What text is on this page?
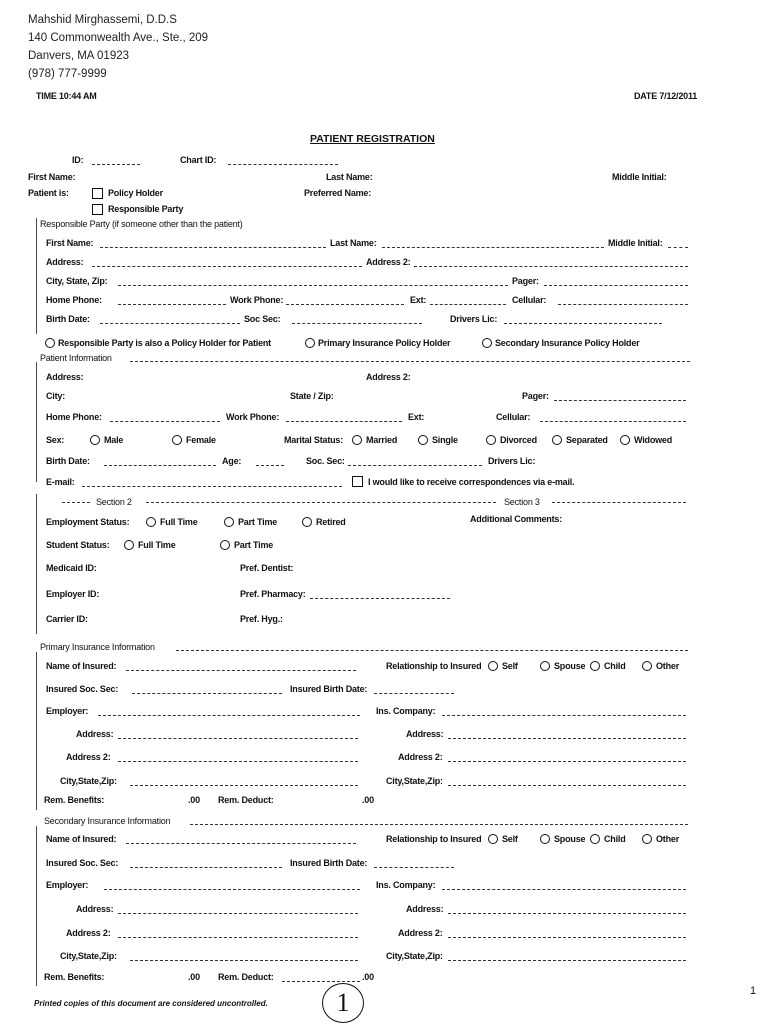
Mahshid Mirghassemi, D.D.S
140 Commonwealth Ave., Ste., 209
Danvers, MA 01923
(978) 777-9999
TIME 10:44 AM	DATE 7/12/2011
PATIENT REGISTRATION
ID:	Chart ID:
First Name:	Last Name:	Middle Initial:
Patient is:	Policy Holder	Preferred Name:
Responsible Party
Responsible Party (if someone other than the patient)
First Name:	Last Name:	Middle Initial:
Address:	Address 2:
City, State, Zip:	Pager:
Home Phone:	Work Phone:	Ext:	Cellular:
Birth Date:	Soc Sec:	Drivers Lic:
Responsible Party is also a Policy Holder for Patient	Primary Insurance Policy Holder	Secondary Insurance Policy Holder
Patient Information
Address:	Address 2:
City:	State / Zip:	Pager:
Home Phone:	Work Phone:	Ext:	Cellular:
Sex:	Male	Female	Marital Status:	Married	Single	Divorced	Separated	Widowed
Birth Date:	Age:	Soc. Sec:	Drivers Lic:
E-mail:	I would like to receive correspondences via e-mail.
Section 2	Section 3
Employment Status:	Full Time	Part Time	Retired	Additional Comments:
Student Status:	Full Time	Part Time
Medicaid ID:	Pref. Dentist:
Employer ID:	Pref. Pharmacy:
Carrier ID:	Pref. Hyg.:
Primary Insurance Information
Name of Insured:	Relationship to Insured Self	Spouse Child	Other
Insured Soc. Sec:	Insured Birth Date:
Employer:	Ins. Company:
Address:	Address:
Address 2:	Address 2:
City,State,Zip:	City,State,Zip:
Rem. Benefits:	.00 Rem. Deduct:	.00
Secondary Insurance Information
Name of Insured:	Relationship to Insured Self	Spouse Child	Other
Insured Soc. Sec:	Insured Birth Date:
Employer:	Ins. Company:
Address:	Address:
Address 2:	Address 2:
City,State,Zip:	City,State,Zip:
Rem. Benefits:	.00 Rem. Deduct:	.00
Printed copies of this document are considered uncontrolled.	1	1
